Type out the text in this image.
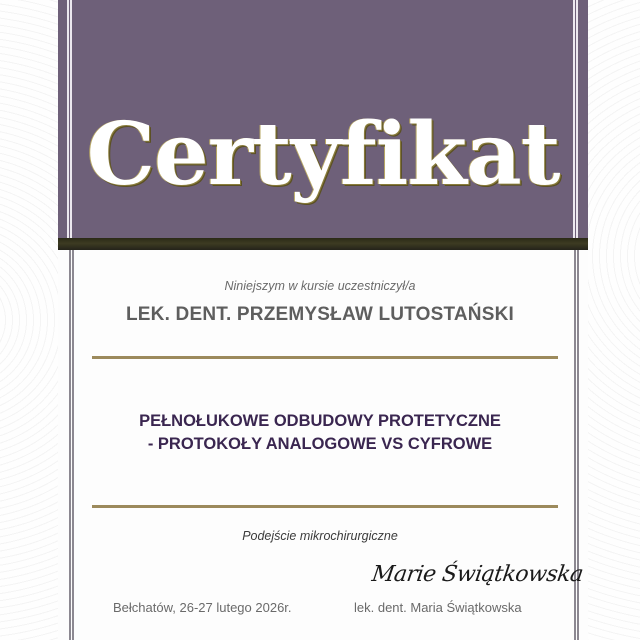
Certyfikat
Niniejszym w kursie uczestniczył/a
LEK. DENT. PRZEMYSŁAW LUTOSTAŃSKI
PEŁNOŁUKOWE ODBUDOWY PROTETYCZNE
- PROTOKOŁY ANALOGOWE VS CYFROWE
Podejście mikrochirurgiczne
Bełchatów, 26-27 lutego 2026r.
Marie Świątkowska
lek. dent. Maria Świątkowska
